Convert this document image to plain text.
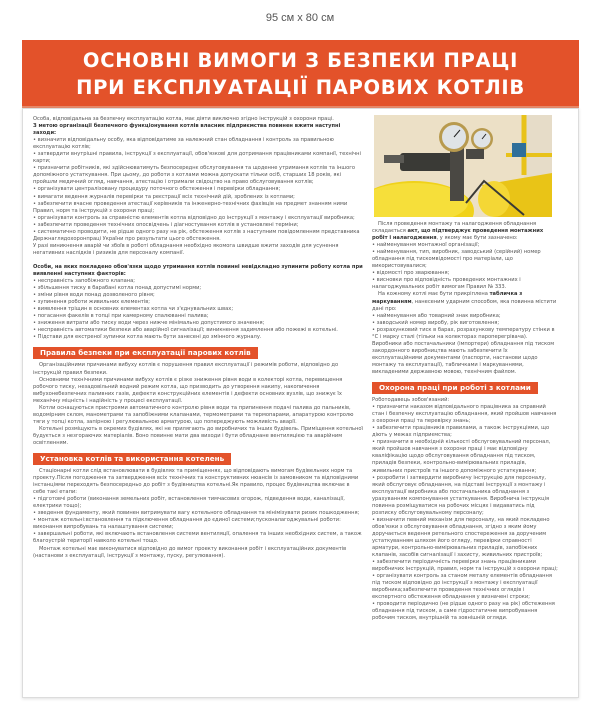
95 см х 80 см
ОСНОВНІ ВИМОГИ З БЕЗПЕКИ ПРАЦІ
ПРИ ЕКСПЛУАТАЦІЇ ПАРОВИХ КОТЛІВ

Особа, відповідальна за безпечну експлуатацію котла, має діяти виключно згідно інструкцій з охорони праці.

З метою організації безпечного функціонування котлів власник підприємства повинен вжити наступні заходи:

• визначити відповідальну особу, яка відповідатиме за належний стан обладнання і контроль за правильною експлуатацію котлів;

• затвердити внутрішні правила, інструкції з експлуатації, обов'язкові для дотримання працівниками компанії, технічні карти;

• призначити робітників, які здійснюватимуть безпосереднє обслуговування та щоденне утримання котлів та іншого допоміжного устаткування. При цьому, до роботи з котлами можна допускати тільки осіб, старших 18 років, які пройшли медичний огляд, навчання, атестацію і отримали свідоцтво на право обслуговування котлів;

• організувати централізовану процедуру поточного обстеження і перевірки обладнання;

• вимагати ведення журналів перевірки та реєстрації всіх технічний дій, зроблених із котлами;

• забезпечити вчасне проведення атестації керівників та інженерно-технічних фахівців на предмет знанням ними Правил, норм та інструкцій з охорони праці;

• організувати контроль за справністю елементів котла відповідно до інструкції з монтажу і експлуатації виробника;

• забезпечити проведення технічних опосвідчень і діагностування котлів в установлені терміни;

• систематично проводити, не рідше одного разу на рік, обстеження котлів з наступним повідомленням представника Держнаглядохоронпраці України про результати цього обстеження.

У разі виникнення аварій чи збоїв в роботі обладнання необхідно якомога швидше вжити заходів для усунення негативних наслідків і ризиків для персоналу компанії.

Особи, на яких покладено обов'язки щодо утримання котлів повинні невідкладно зупинити роботу котла при виявленні наступних факторів:

• несправність запобіжного клапана;

• збільшення тиску в барабані котла понад допустимі норми;

• зміни рівня води понад дозволеного рівня;

• зупинення роботи живильних елементів;

• виявлення тріщин в основних елементах котла чи з'єднувальних швах;

• погасання факелів в топці при камерному спалюванні палива;

• зниження витрати або тиску води через нижче мінімально допустимого значення;

• несправність автоматики безпеки або аварійної сигналізації; виникнення задимлення або пожежі в котельні.

• Підстави для екстреної зупинки котла мають бути занесені до змінного журналу.

Правила безпеки при експлуатації парових котлів

Організаційними причинами вибуху котлів є порушення правил експлуатації і режимів роботи, відповідно до інструкцій правил безпеки.

Основними технічними причинами вибуху котлів є різке зниження рівня води в колекторі котла, перевищення робочого тиску, незадовільний водний режим котла, що призводить до утворення накипу, накопичення вибухонебезпечних паливних газів, дефекти конструкційних елементів і дефекти основних вузлів, що знижує їх механічну міцність і надійність у процесі експлуатації.

Котли оснащуються пристроями автоматичного контролю рівня води та припинення подачі палива до пальників, водомірним склом, манометрами та запобіжними клапанами, термометрами та термопарами, апаратурою контролю тяги у топці котла, запірною і регулювальною арматурою, що попереджують можливість аварії.

Котельні розміщують в окремих будівлях, які не прилягають до виробничих та інших будівель. Приміщення котельної будується з незгораючих матеріалів. Воно повинне мати два виходи і бути обладнане вентиляцією та аварійним освітленням.

Установка котлів та використання котелень

Стаціонарні котли слід встановлювати в будівлях та приміщеннях, що відповідають вимогам будівельних норм та проекту.Після погодження та затвердження всіх технічних та конструктивних нюансів із замовником та відповідними інстанціями переходять безпосередньо до робіт з будівництва котельні.Як правило, процес будівництва включає в себе такі етапи:

• підготовчі роботи (виконання земельних робіт, встановлення тимчасових огорож, підведення води, каналізації, електрики тощо);

• зведення фундаменту, який повинен витримувати вагу котельного обладнання та мінімізувати ризик пошкодження;

• монтаж котельні:встановлення та підключення обладнання до єдиної системи;пусконалагоджувальні роботи: виконання випробувань та налаштування системи;

• завершальні роботи, які включають встановлення системи вентиляції, опалення та інших необхідних систем, а також благоустрій території навколо котельні тощо.

Монтаж котельні має виконуватися відповідно до вимог проекту виконання робіт і експлуатаційних документів (настанови з експлуатації, інструкції з монтажу, пуску, регулювання).

Після проведення монтажу та налагодження обладнання складається акт, що підтверджує проведення монтажних робіт і налагодження, у якому має бути зазначено:

• найменування монтажної організації;

• найменування, тип, виробник, заводський (серійний) номер обладнання під тискомвідомості про матеріали, що використовувалися;

• відомості про зварювання;

• висновки про відповідність проведених монтажних і налагоджувальних робіт вимогам Правил № 333.

На кожному котлі має бути прикріплена табличка з маркуванням, нанесеним ударним способом, яка повинна містити дані про:

• найменування або товарний знак виробника;

• заводський номер виробу, рік виготовлення;

• розрахунковий тиск в барах, розрахункову температуру стінки в °С і марку сталі (тільки на колекторах пароперегрівача). Виробники або постачальники (імпортери) обладнання під тиском закордонного виробництва мають забезпечити їх експлуатаційними документами (паспорти, настанови щодо монтажу та експлуатації), табличками і маркуваннями, викладеними державною мовою, технічним файлом.

Охорона праці при роботі з котлами

Роботодавець зобов'язаний:

• призначити наказом відповідального працівника за справний стан і безпечну експлуатацію обладнання, який пройшов навчання з охорони праці та перевірку знань;

• забезпечити працівників правилами, а також інструкціями, що діють у межах підприємства;

• призначити в необхідній кількості обслуговувальний персонал, який пройшов навчання з охорони праці і має відповідну кваліфікацію щодо обслуговування обладнання під тиском, приладів безпеки, контрольно-вимірювальних приладів, живильних пристроїв та іншого допоміжного устаткування;

• розробити і затвердити виробничу інструкцію для персоналу, який обслуговує обладнання, на підставі інструкції з монтажу і експлуатації виробника або постачальника обладнання з урахуванням компонування устаткування. Виробнича інструкція повинна розміщуватися на робочих місцях і видаватись під розписку обслуговувальному персоналу;

• визначити певний механізм для персоналу, на який покладено обов'язки з обслуговування обладнання, згідно з яким йому доручається ведення ретельного спостереження за дорученим устаткуванням шляхом його огляду, перевірки справності арматури, контрольно-вимірювальних приладів, запобіжних клапанів, засобів сигналізації і захисту, живильних пристроїв;

• забезпечити періодичність перевірки знань працівниками виробничих інструкцій, правил, норм та інструкцій з охорони праці;

• організувати контроль за станом металу елементів обладнання під тиском відповідно до інструкції з монтажу і експлуатації виробника;забезпечити проведення технічних оглядів і експертного обстеження обладнання у визначені строки;

• проводити періодично (не рідше одного разу на рік) обстеження обладнання під тиском, а саме гідростатичне випробування робочим тиском, внутрішній та зовнішній огляди.
